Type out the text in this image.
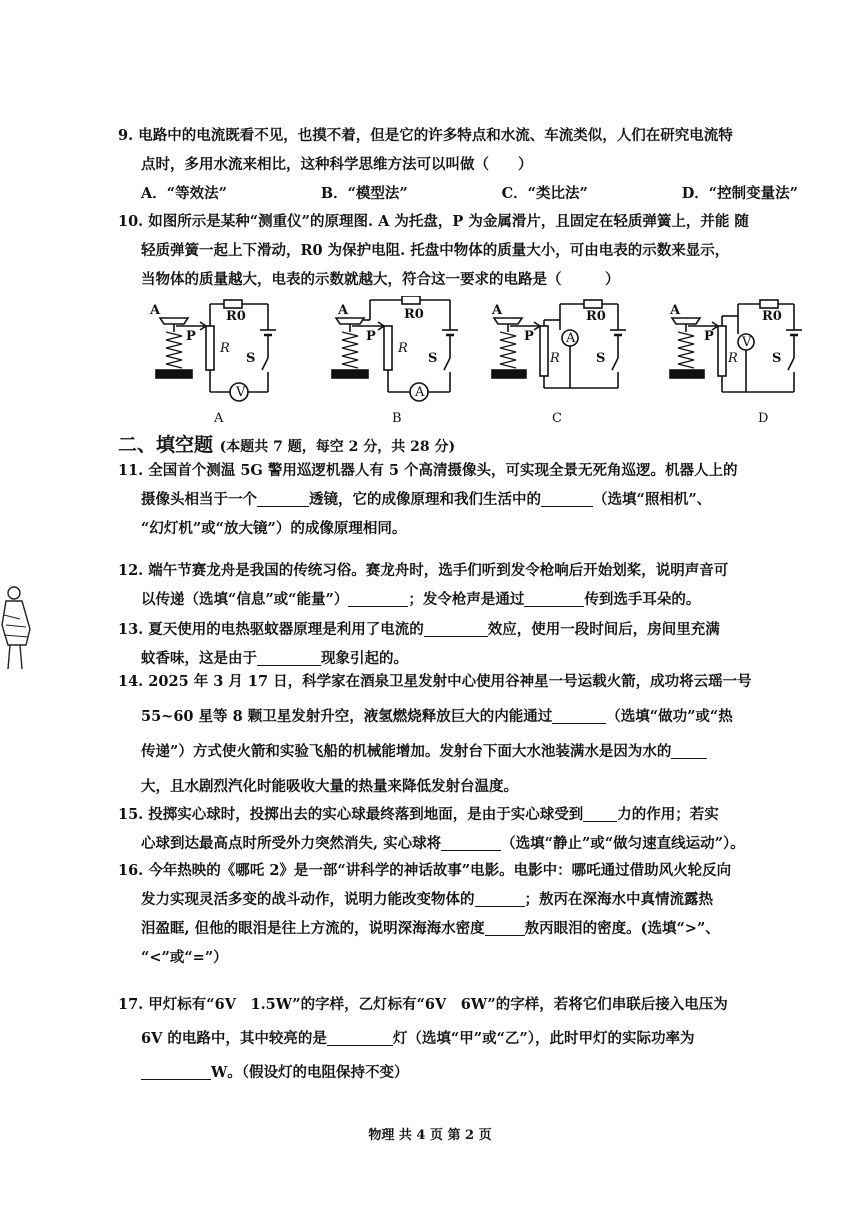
9. 电路中的电流既看不见，也摸不着，但是它的许多特点和水流、车流类似，人们在研究电流特
点时，多用水流来相比，这种科学思维方法可以叫做（　　）
A．“等效法”	B．“模型法”	C．“类比法”	D．“控制变量法”
10. 如图所示是某种“测重仪”的原理图. A 为托盘，P 为金属滑片，且固定在轻质弹簧上，并能 随
轻质弹簧一起上下滑动，R0 为保护电阻. 托盘中物体的质量大小，可由电表的示数来显示，
当物体的质量越大，电表的示数就越大，符合这一要求的电路是（　　　）
V
A
P
R
R0
S
A
A
A
P
R
R0
S
B
A
A
P
R
R0
S
C
V
A
P
R
R0
S
D
二、填空题 (本题共 7 题，每空 2 分，共 28 分)
11. 全国首个测温 5G 警用巡逻机器人有 5 个高清摄像头，可实现全景无死角巡逻。机器人上的
摄像头相当于一个	透镜，它的成像原理和我们生活中的	（选填“照相机”、
“幻灯机”或“放大镜”）的成像原理相同。
12. 端午节赛龙舟是我国的传统习俗。赛龙舟时，选手们听到发令枪响后开始划桨，说明声音可
以传递（选填“信息”或“能量”）	；发令枪声是通过	传到选手耳朵的。
13. 夏天使用的电热驱蚊器原理是利用了电流的	效应，使用一段时间后，房间里充满
蚊香味，这是由于	现象引起的。
14. 2025 年 3 月 17 日，科学家在酒泉卫星发射中心使用谷神星一号运载火箭，成功将云瑶一号
55~60 星等 8 颗卫星发射升空，液氢燃烧释放巨大的内能通过	（选填“做功”或“热
传递”）方式使火箭和实验飞船的机械能增加。发射台下面大水池装满水是因为水的
大，且水剧烈汽化时能吸收大量的热量来降低发射台温度。
15. 投掷实心球时，投掷出去的实心球最终落到地面，是由于实心球受到 力的作用；若实
心球到达最高点时所受外力突然消失, 实心球将	（选填“静止”或“做匀速直线运动”）。
16. 今年热映的《哪吒 2》是一部“讲科学的神话故事”电影。电影中：哪吒通过借助风火轮反向
发力实现灵活多变的战斗动作，说明力能改变物体的	；敖丙在深海水中真情流露热
泪盈眶, 但他的眼泪是往上方流的，说明深海海水密度	敖丙眼泪的密度。(选填“>”、
“<”或“=”）
17. 甲灯标有“6V　1.5W”的字样，乙灯标有“6V　6W”的字样，若将它们串联后接入电压为
6V 的电路中，其中较亮的是	灯（选填“甲”或“乙”），此时甲灯的实际功率为
W。（假设灯的电阻保持不变）
物理 共 4 页 第 2 页
